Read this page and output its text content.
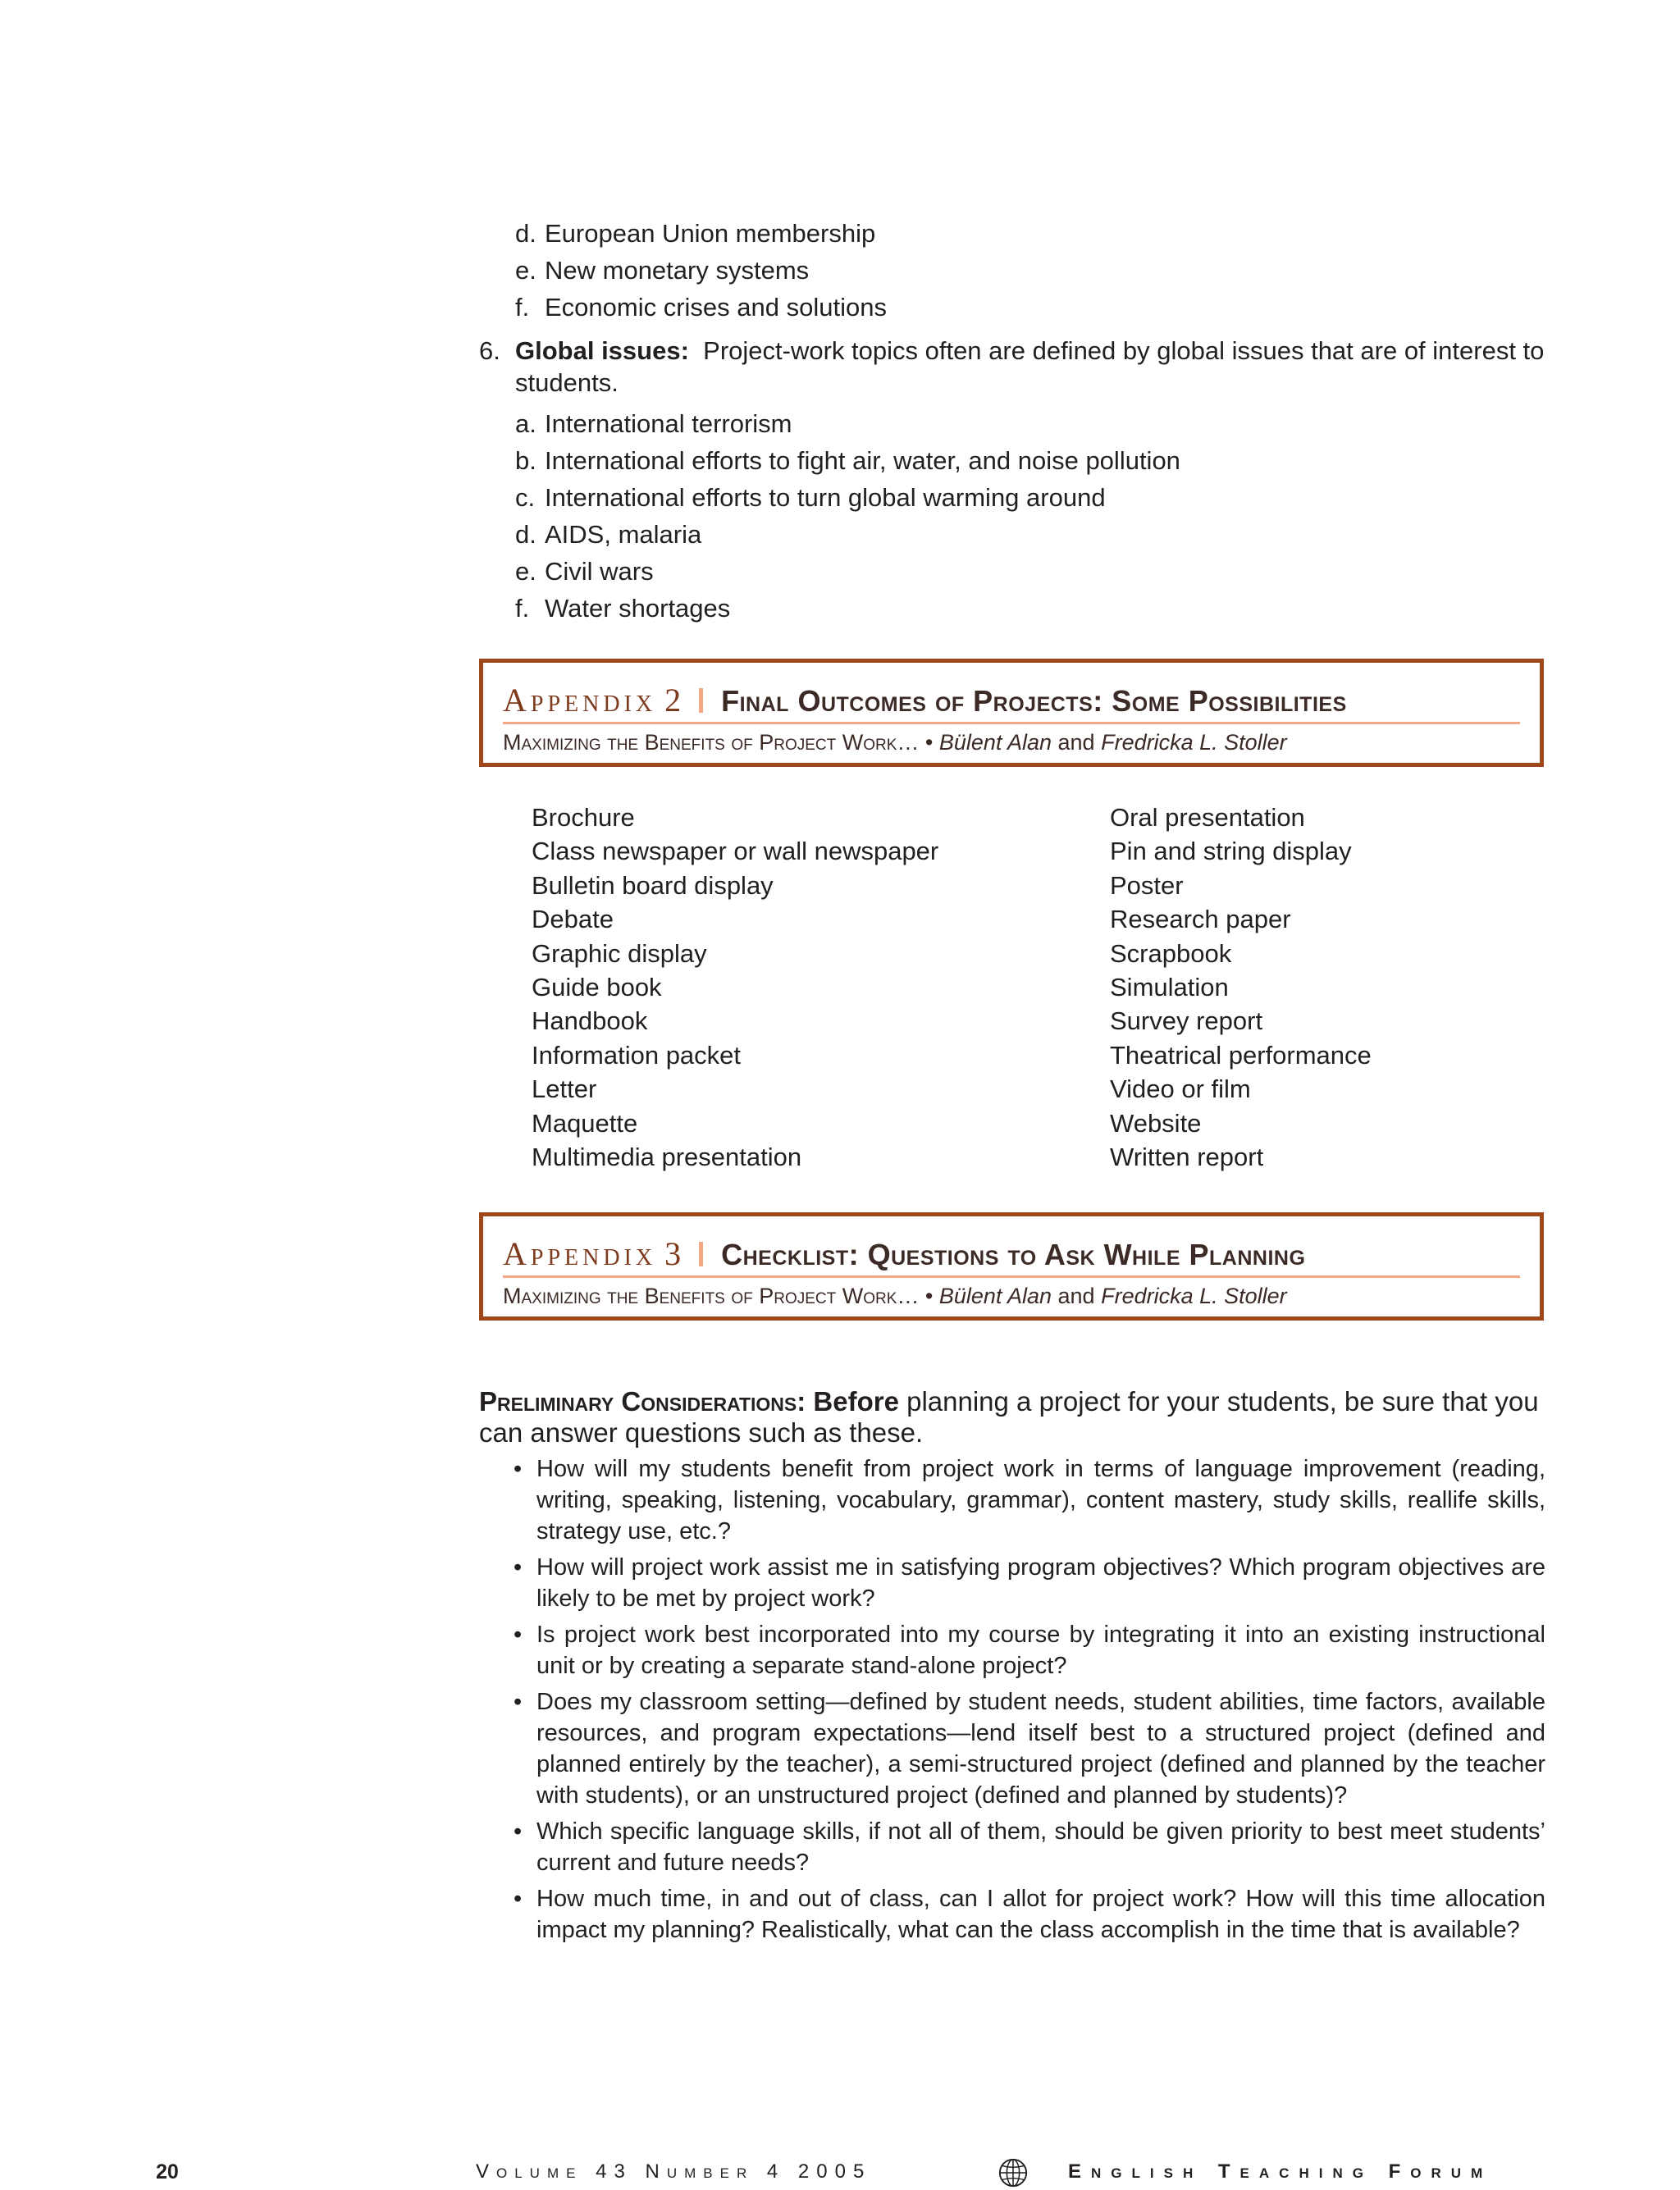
d. European Union membership
e. New monetary systems
f. Economic crises and solutions
6. Global issues: Project-work topics often are defined by global issues that are of interest to students.
a. International terrorism
b. International efforts to fight air, water, and noise pollution
c. International efforts to turn global warming around
d. AIDS, malaria
e. Civil wars
f. Water shortages
Appendix 2 Final Outcomes of Projects: Some Possibilities
Maximizing the Benefits of Project Work… • Bülent Alan and Fredricka L. Stoller
Brochure
Class newspaper or wall newspaper
Bulletin board display
Debate
Graphic display
Guide book
Handbook
Information packet
Letter
Maquette
Multimedia presentation
Oral presentation
Pin and string display
Poster
Research paper
Scrapbook
Simulation
Survey report
Theatrical performance
Video or film
Website
Written report
Appendix 3 Checklist: Questions to Ask While Planning
Maximizing the Benefits of Project Work… • Bülent Alan and Fredricka L. Stoller
Preliminary Considerations: Before planning a project for your students, be sure that you can answer questions such as these.
• How will my students benefit from project work in terms of language improvement (reading, writing, speaking, listening, vocabulary, grammar), content mastery, study skills, reallife skills, strategy use, etc.?
• How will project work assist me in satisfying program objectives? Which program objectives are likely to be met by project work?
• Is project work best incorporated into my course by integrating it into an existing instructional unit or by creating a separate stand-alone project?
• Does my classroom setting—defined by student needs, student abilities, time factors, available resources, and program expectations—lend itself best to a structured project (defined and planned entirely by the teacher), a semi-structured project (defined and planned by the teacher with students), or an unstructured project (defined and planned by students)?
• Which specific language skills, if not all of them, should be given priority to best meet students’ current and future needs?
• How much time, in and out of class, can I allot for project work? How will this time allocation impact my planning? Realistically, what can the class accomplish in the time that is available?
20	Volume 43 Number 4 2005	English Teaching Forum
